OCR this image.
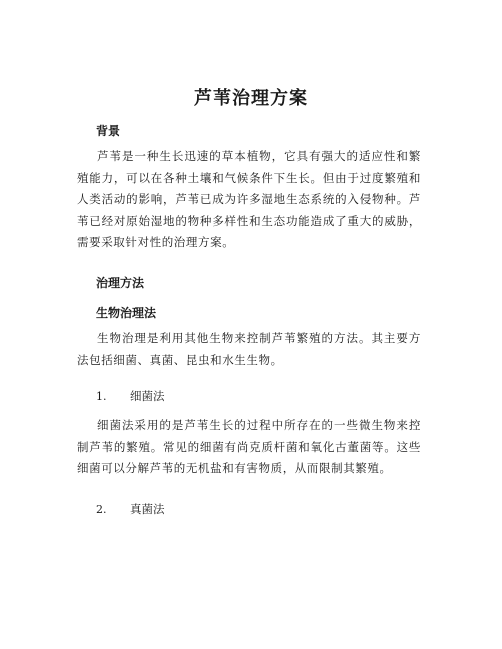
芦苇治理方案
背景

芦苇是一种生长迅速的草本植物，它具有强大的适应性和繁殖能力，可以在各种土壤和气候条件下生长。但由于过度繁殖和人类活动的影响，芦苇已成为许多湿地生态系统的入侵物种。芦苇已经对原始湿地的物种多样性和生态功能造成了重大的威胁，需要采取针对性的治理方案。

治理方法
生物治理法

生物治理是利用其他生物来控制芦苇繁殖的方法。其主要方法包括细菌、真菌、昆虫和水生生物。

1. 细菌法

细菌法采用的是芦苇生长的过程中所存在的一些微生物来控制芦苇的繁殖。常见的细菌有尚克质杆菌和氧化古董菌等。这些细菌可以分解芦苇的无机盐和有害物质，从而限制其繁殖。

2. 真菌法
